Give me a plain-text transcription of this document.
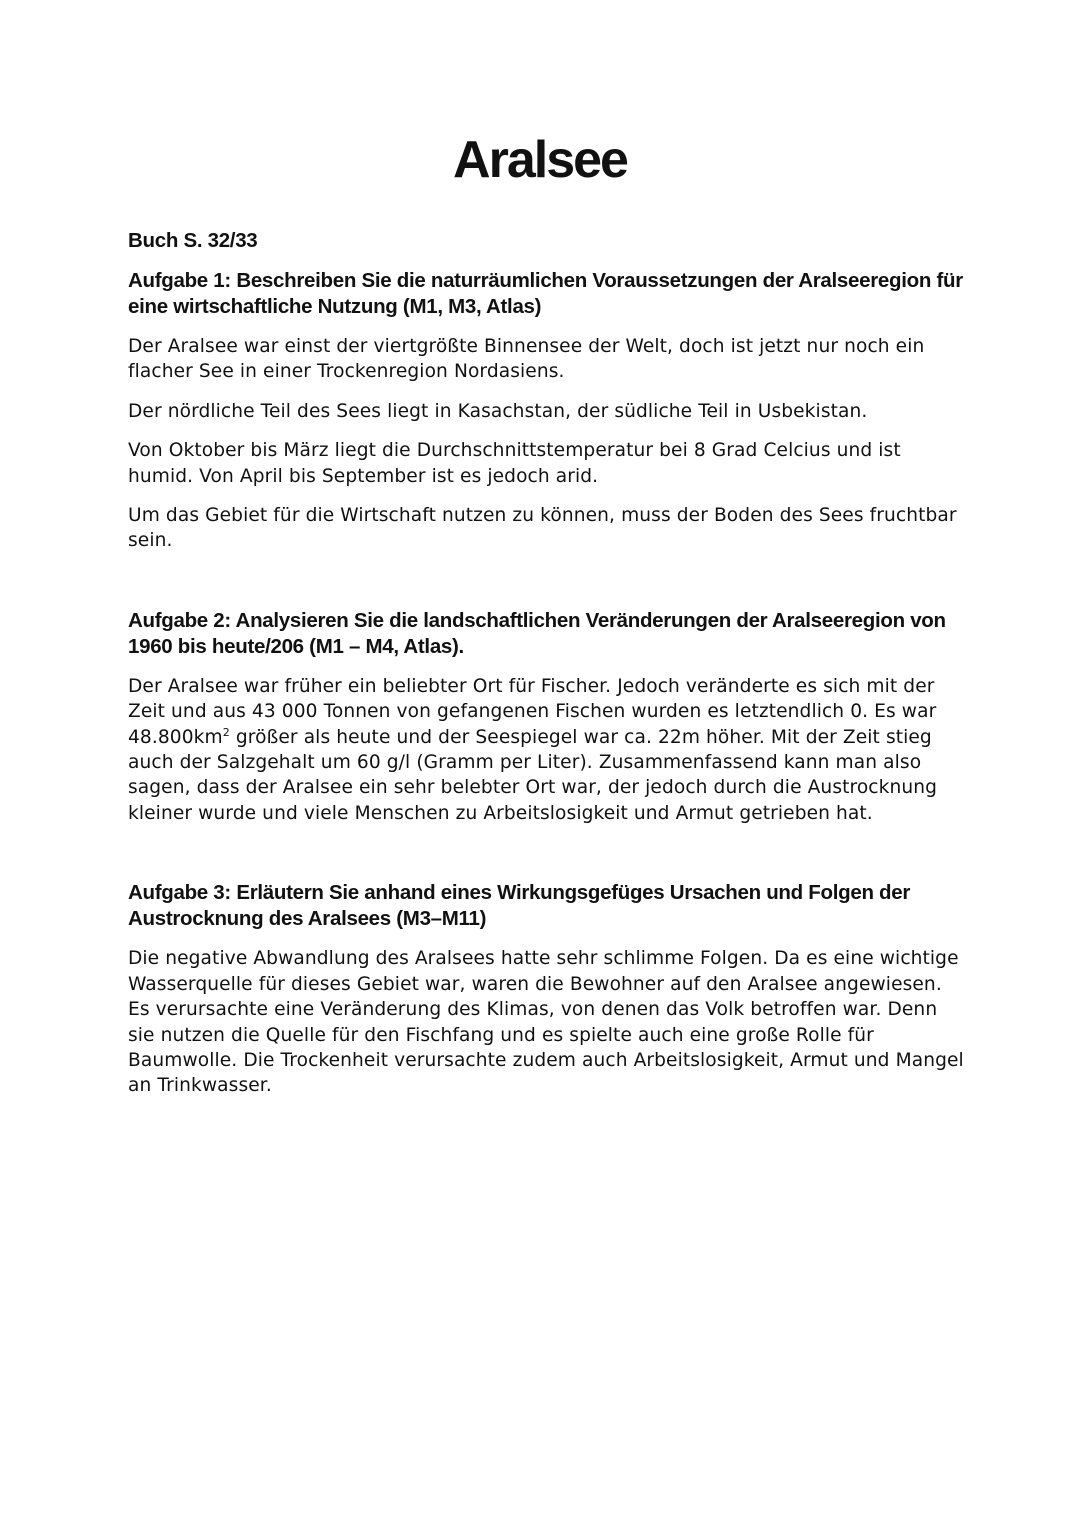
Aralsee

Buch S. 32/33

Aufgabe 1: Beschreiben Sie die naturräumlichen Voraussetzungen der Aralseeregion für eine wirtschaftliche Nutzung (M1, M3, Atlas)

Der Aralsee war einst der viertgrößte Binnensee der Welt, doch ist jetzt nur noch ein flacher See in einer Trockenregion Nordasiens.

Der nördliche Teil des Sees liegt in Kasachstan, der südliche Teil in Usbekistan.

Von Oktober bis März liegt die Durchschnittstemperatur bei 8 Grad Celcius und ist humid. Von April bis September ist es jedoch arid.

Um das Gebiet für die Wirtschaft nutzen zu können, muss der Boden des Sees fruchtbar sein.

Aufgabe 2: Analysieren Sie die landschaftlichen Veränderungen der Aralseeregion von 1960 bis heute/206 (M1 – M4, Atlas).

Der Aralsee war früher ein beliebter Ort für Fischer. Jedoch veränderte es sich mit der Zeit und aus 43 000 Tonnen von gefangenen Fischen wurden es letztendlich 0. Es war $48.800km^2$ größer als heute und der Seespiegel war ca. 22m höher. Mit der Zeit stieg auch der Salzgehalt um 60 g/l (Gramm per Liter). Zusammenfassend kann man also sagen, dass der Aralsee ein sehr belebter Ort war, der jedoch durch die Austrocknung kleiner wurde und viele Menschen zu Arbeitslosigkeit und Armut getrieben hat.

Aufgabe 3: Erläutern Sie anhand eines Wirkungsgefüges Ursachen und Folgen der Austrocknung des Aralsees (M3–M11)

Die negative Abwandlung des Aralsees hatte sehr schlimme Folgen. Da es eine wichtige Wasserquelle für dieses Gebiet war, waren die Bewohner auf den Aralsee angewiesen. Es verursachte eine Veränderung des Klimas, von denen das Volk betroffen war. Denn sie nutzen die Quelle für den Fischfang und es spielte auch eine große Rolle für Baumwolle. Die Trockenheit verursachte zudem auch Arbeitslosigkeit, Armut und Mangel an Trinkwasser.
